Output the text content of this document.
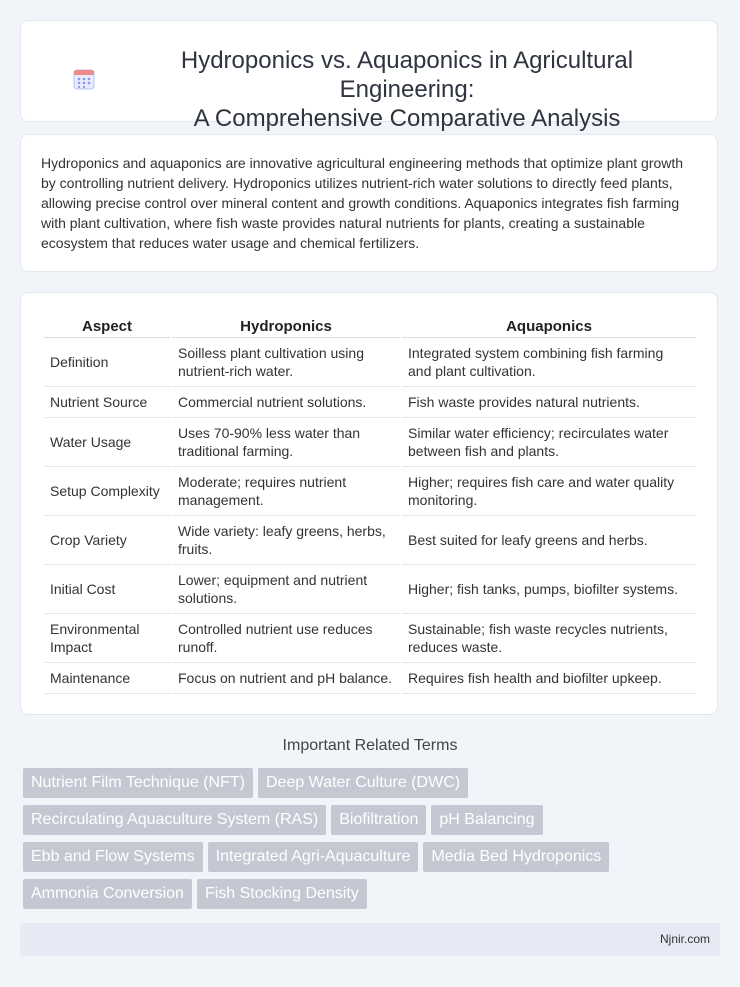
Hydroponics vs. Aquaponics in Agricultural Engineering:
A Comprehensive Comparative Analysis

Hydroponics and aquaponics are innovative agricultural engineering methods that optimize plant growth by controlling nutrient delivery. Hydroponics utilizes nutrient-rich water solutions to directly feed plants, allowing precise control over mineral content and growth conditions. Aquaponics integrates fish farming with plant cultivation, where fish waste provides natural nutrients for plants, creating a sustainable ecosystem that reduces water usage and chemical fertilizers.

Aspect	Hydroponics	Aquaponics
Definition	Soilless plant cultivation using nutrient-rich water.	Integrated system combining fish farming and plant cultivation.
Nutrient Source	Commercial nutrient solutions.	Fish waste provides natural nutrients.
Water Usage	Uses 70-90% less water than traditional farming.	Similar water efficiency; recirculates water between fish and plants.
Setup Complexity	Moderate; requires nutrient management.	Higher; requires fish care and water quality monitoring.
Crop Variety	Wide variety: leafy greens, herbs, fruits.	Best suited for leafy greens and herbs.
Initial Cost	Lower; equipment and nutrient solutions.	Higher; fish tanks, pumps, biofilter systems.
Environmental Impact	Controlled nutrient use reduces runoff.	Sustainable; fish waste recycles nutrients, reduces waste.
Maintenance	Focus on nutrient and pH balance.	Requires fish health and biofilter upkeep.
Important Related Terms
Nutrient Film Technique (NFT) Deep Water Culture (DWC)
Recirculating Aquaculture System (RAS) Biofiltration pH Balancing
Ebb and Flow Systems Integrated Agri-Aquaculture Media Bed Hydroponics
Ammonia Conversion Fish Stocking Density
Njnir.com
